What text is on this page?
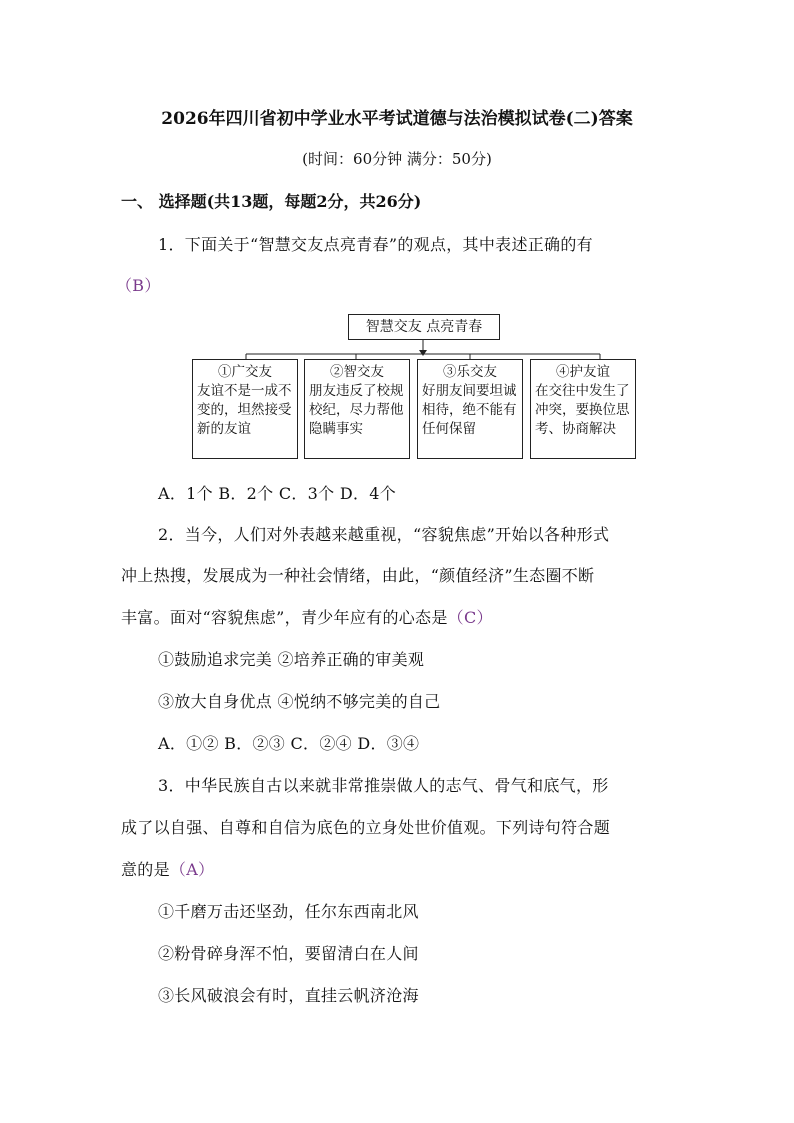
2026年四川省初中学业水平考试道德与法治模拟试卷(二)答案
(时间：60分钟 满分：50分)
一、 选择题(共13题，每题2分，共26分)
1．下面关于“智慧交友点亮青春”的观点，其中表述正确的有
（B）
智慧交友 点亮青春
①广交友
友谊不是一成不变的，坦然接受新的友谊
②智交友
朋友违反了校规校纪，尽力帮他隐瞒事实
③乐交友
好朋友间要坦诚相待，绝不能有任何保留
④护友谊
在交往中发生了冲突，要换位思考、协商解决
A．1个 B．2个 C．3个 D．4个
2．当今，人们对外表越来越重视，“容貌焦虑”开始以各种形式
冲上热搜，发展成为一种社会情绪，由此，“颜值经济”生态圈不断
丰富。面对“容貌焦虑”，青少年应有的心态是（C）
①鼓励追求完美 ②培养正确的审美观
③放大自身优点 ④悦纳不够完美的自己
A．①② B．②③ C．②④ D．③④
3．中华民族自古以来就非常推崇做人的志气、骨气和底气，形
成了以自强、自尊和自信为底色的立身处世价值观。下列诗句符合题
意的是（A）
①千磨万击还坚劲，任尔东西南北风
②粉骨碎身浑不怕，要留清白在人间
③长风破浪会有时，直挂云帆济沧海
